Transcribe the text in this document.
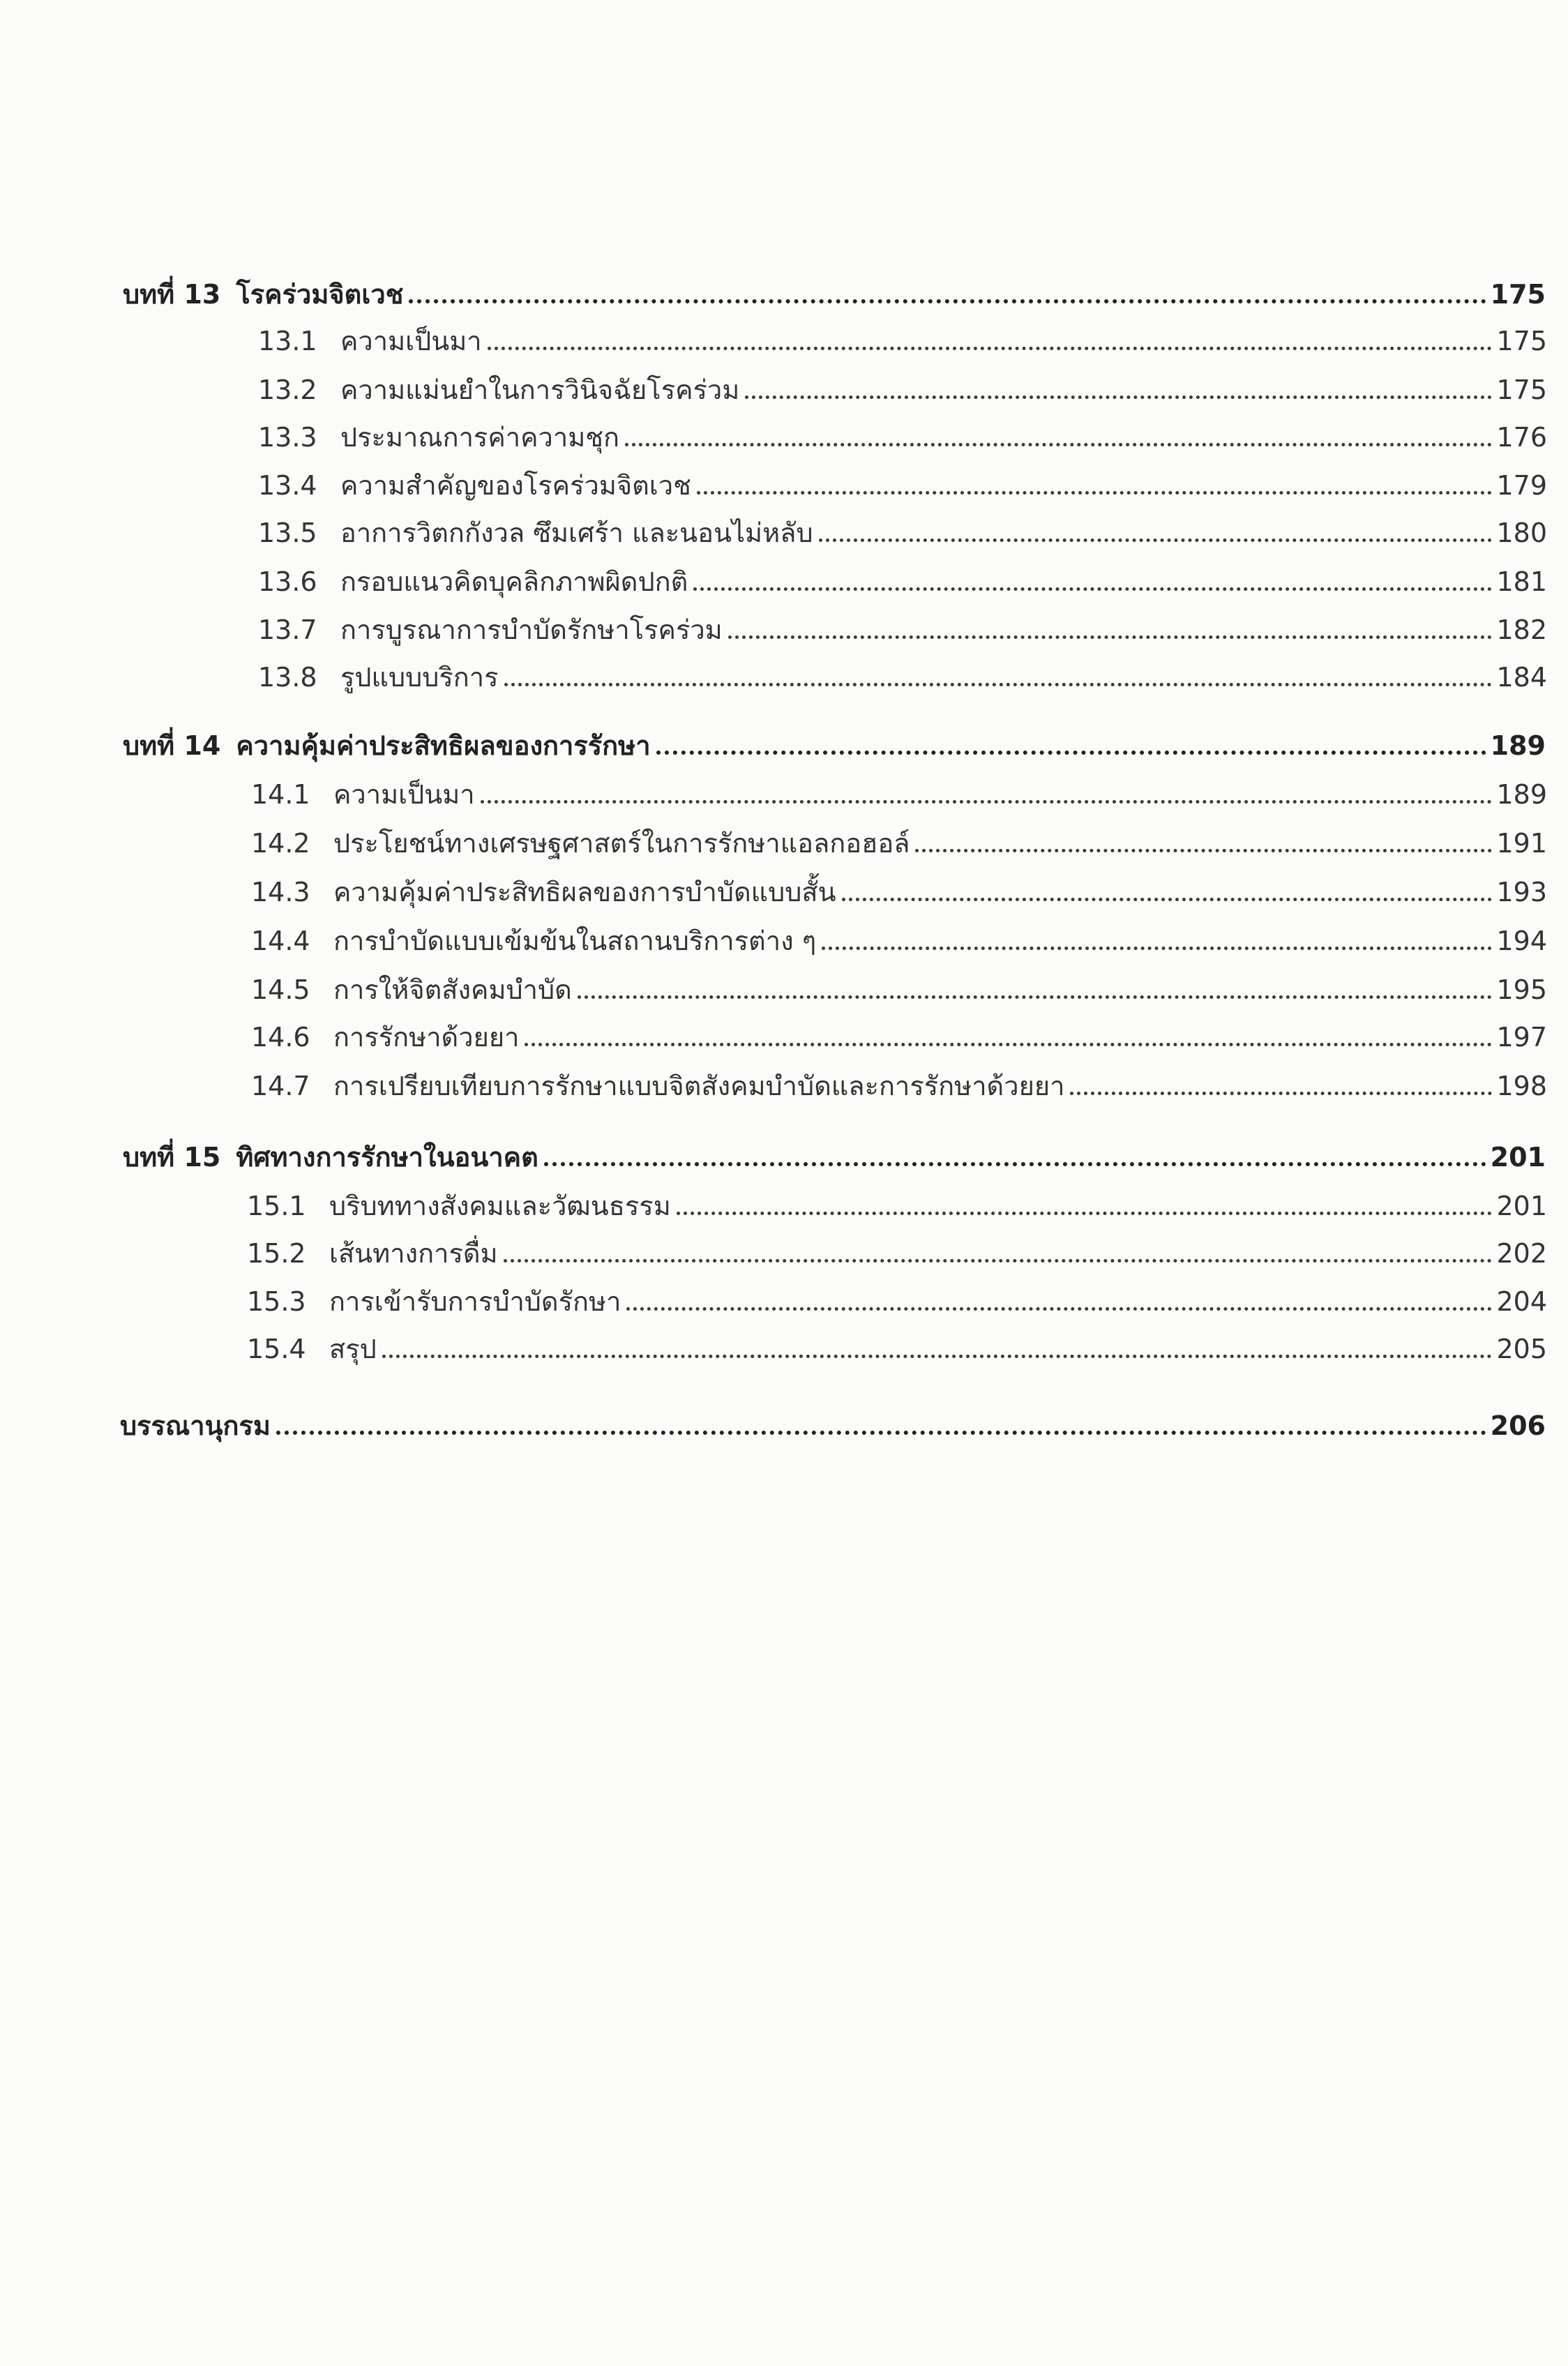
บทที่ 13 โรคร่วมจิตเวช	175
13.1 ความเป็นมา	175
13.2 ความแม่นยำในการวินิจฉัยโรคร่วม	175
13.3 ประมาณการค่าความชุก	176
13.4 ความสำคัญของโรคร่วมจิตเวช	179
13.5 อาการวิตกกังวล ซึมเศร้า และนอนไม่หลับ	180
13.6 กรอบแนวคิดบุคลิกภาพผิดปกติ	181
13.7 การบูรณาการบำบัดรักษาโรคร่วม	182
13.8 รูปแบบบริการ	184
บทที่ 14 ความคุ้มค่าประสิทธิผลของการรักษา	189
14.1 ความเป็นมา	189
14.2 ประโยชน์ทางเศรษฐศาสตร์ในการรักษาแอลกอฮอล์	191
14.3 ความคุ้มค่าประสิทธิผลของการบำบัดแบบสั้น	193
14.4 การบำบัดแบบเข้มข้นในสถานบริการต่าง ๆ	194
14.5 การให้จิตสังคมบำบัด	195
14.6 การรักษาด้วยยา	197
14.7 การเปรียบเทียบการรักษาแบบจิตสังคมบำบัดและการรักษาด้วยยา	198
บทที่ 15 ทิศทางการรักษาในอนาคต	201
15.1 บริบททางสังคมและวัฒนธรรม	201
15.2 เส้นทางการดื่ม	202
15.3 การเข้ารับการบำบัดรักษา	204
15.4 สรุป	205
บรรณานุกรม	206
